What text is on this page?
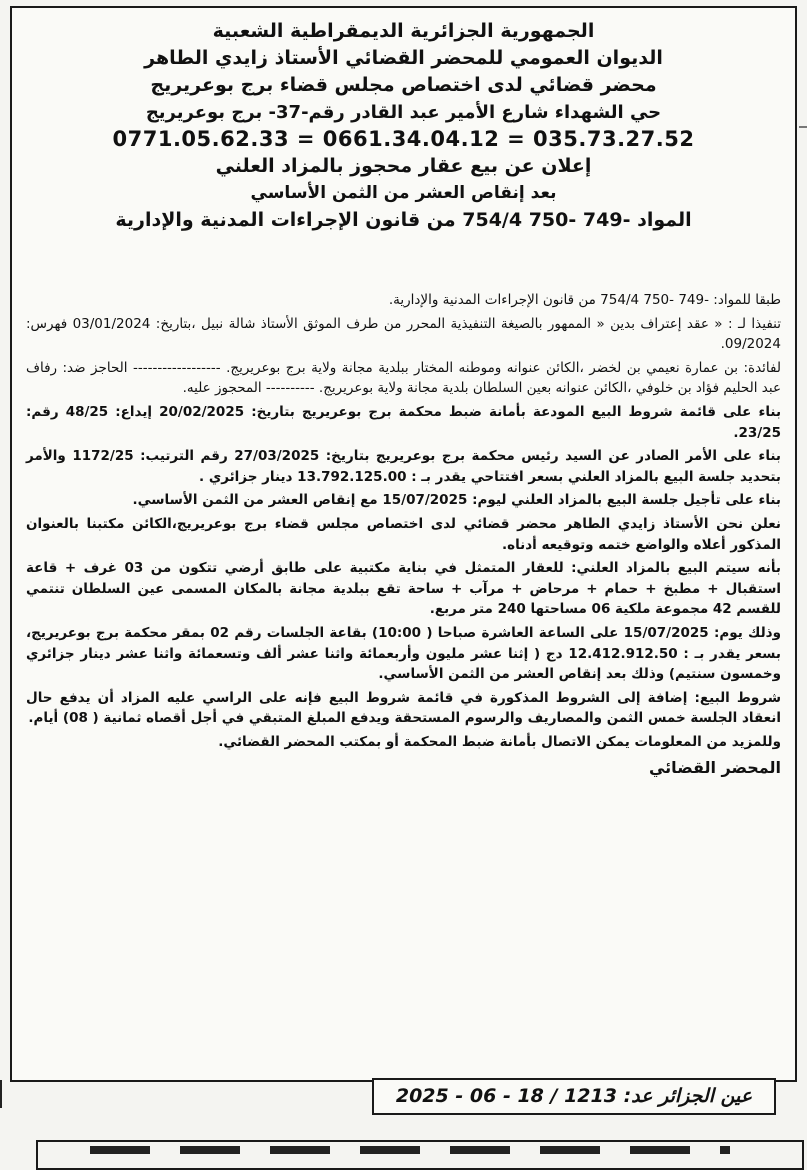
الجمهورية الجزائرية الديمقراطية الشعبية
الديوان العمومي للمحضر القضائي الأستاذ زايدي الطاهر
محضر قضائي لدى اختصاص مجلس قضاء برج بوعريريج
حي الشهداء شارع الأمير عبد القادر رقم-37- برج بوعريريج
0771.05.62.33 = 0661.34.04.12 = 035.73.27.52
إعلان عن بيع عقار محجوز بالمزاد العلني
بعد إنقاص العشر من الثمن الأساسي
المواد -749 -750 754/4 من قانون الإجراءات المدنية والإدارية

طبقا للمواد: -749 -750 754/4 من قانون الإجراءات المدنية والإدارية.

تنفيذا لـ : « عقد إعتراف بدين « الممهور بالصيغة التنفيذية المحرر من طرف الموثق الأستاذ شالة نبيل ،بتاريخ: 03/01/2024 فهرس: 09/2024.

لفائدة: بن عمارة نعيمي بن لخضر ،الكائن عنوانه وموطنه المختار ببلدية مجانة ولاية برج بوعريريج. ------------------ الحاجز ضد: رفاف عبد الحليم فؤاد بن خلوفي ،الكائن عنوانه بعين السلطان بلدية مجانة ولاية بوعريريج. ---------- المحجوز عليه.

بناء على قائمة شروط البيع المودعة بأمانة ضبط محكمة برج بوعريريج بتاريخ: 20/02/2025 إيداع: 48/25 رقم: 23/25.

بناء على الأمر الصادر عن السيد رئيس محكمة برج بوعريريج بتاريخ: 27/03/2025 رقم الترتيب: 1172/25 والأمر بتحديد جلسة البيع بالمزاد العلني بسعر افتتاحي يقدر بـ : 13.792.125.00 دينار جزائري .

بناء على تأجيل جلسة البيع بالمزاد العلني ليوم: 15/07/2025 مع إنقاص العشر من الثمن الأساسي.

نعلن نحن الأستاذ زايدي الطاهر محضر قضائي لدى اختصاص مجلس قضاء برج بوعريريج،الكائن مكتبنا بالعنوان المذكور أعلاه والواضع ختمه وتوقيعه أدناه.

بأنه سيتم البيع بالمزاد العلني: للعقار المتمثل في بناية مكتبية على طابق أرضي تتكون من 03 غرف + قاعة استقبال + مطبخ + حمام + مرحاض + مرآب + ساحة تقع ببلدية مجانة بالمكان المسمى عين السلطان تنتمي للقسم 42 مجموعة ملكية 06 مساحتها 240 متر مربع.

وذلك يوم: 15/07/2025 على الساعة العاشرة صباحا ( 10:00) بقاعة الجلسات رقم 02 بمقر محكمة برج بوعريريج، بسعر يقدر بـ : 12.412.912.50 دج ( إثنا عشر مليون وأربعمائة واثنا عشر ألف وتسعمائة واثنا عشر دينار جزائري وخمسون سنتيم) وذلك بعد إنقاص العشر من الثمن الأساسي.

شروط البيع: إضافة إلى الشروط المذكورة في قائمة شروط البيع فإنه على الراسي عليه المزاد أن يدفع حال انعقاد الجلسة خمس الثمن والمصاريف والرسوم المستحقة ويدفع المبلغ المتبقي في أجل أقصاه ثمانية ( 08) أيام.

وللمزيد من المعلومات يمكن الاتصال بأمانة ضبط المحكمة أو بمكتب المحضر القضائي.

المحضر القضائي
عين الجزائر عد: 1213 / 18 - 06 - 2025
